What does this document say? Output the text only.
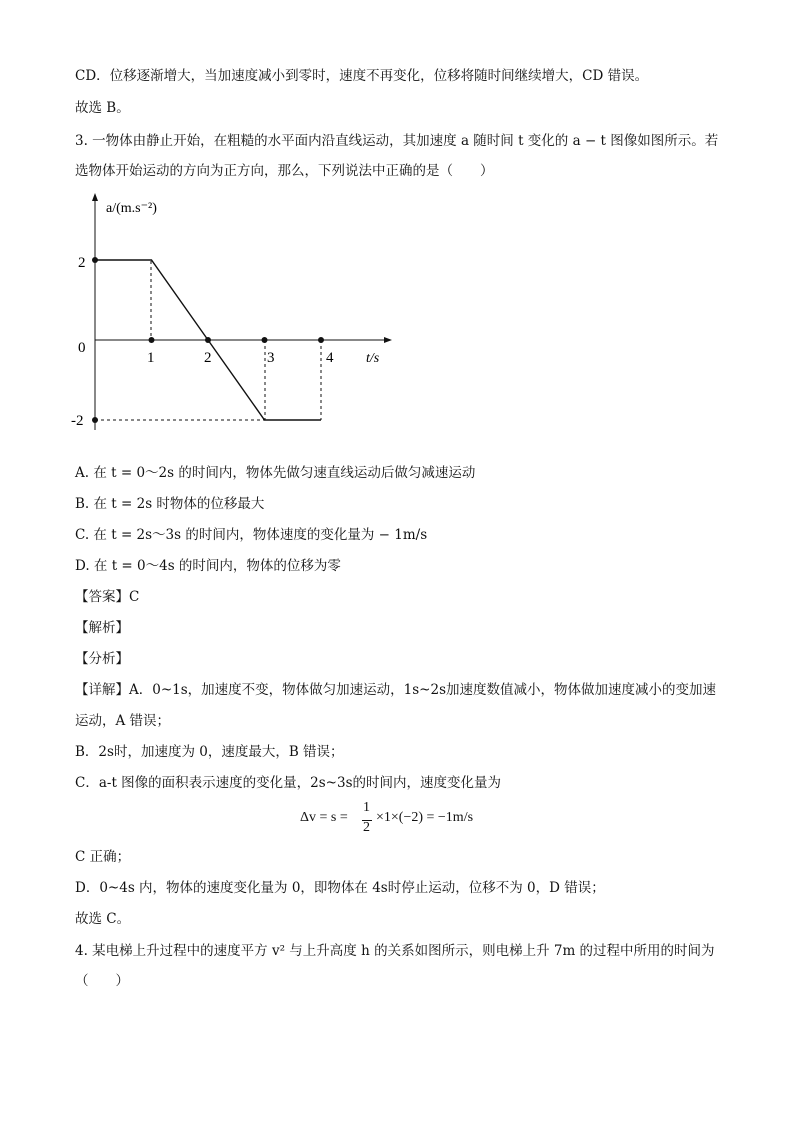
CD．位移逐渐增大，当加速度减小到零时，速度不再变化，位移将随时间继续增大，CD 错误。
故选 B。
3. 一物体由静止开始，在粗糙的水平面内沿直线运动，其加速度 a 随时间 t 变化的 a − t 图像如图所示。若
选物体开始运动的方向为正方向，那么，下列说法中正确的是（　　）
a/(m.s⁻²)
t/s
2
0
-2
1	2	3	4
A. 在 t = 0～2s 的时间内，物体先做匀速直线运动后做匀减速运动
B. 在 t = 2s 时物体的位移最大
C. 在 t = 2s～3s 的时间内，物体速度的变化量为 − 1m/s
D. 在 t = 0～4s 的时间内，物体的位移为零
【答案】C
【解析】
【分析】
【详解】A．0~1s，加速度不变，物体做匀加速运动，1s~2s加速度数值减小，物体做加速度减小的变加速
运动，A 错误；
B．2s时，加速度为 0，速度最大，B 错误；
C．a-t 图像的面积表示速度的变化量，2s~3s的时间内，速度变化量为
Δv = s =
1
2
×1×(−2) = −1m/s
C 正确；
D．0~4s 内，物体的速度变化量为 0，即物体在 4s时停止运动，位移不为 0，D 错误；
故选 C。
4. 某电梯上升过程中的速度平方 v² 与上升高度 h 的关系如图所示，则电梯上升 7m 的过程中所用的时间为
（　　）
